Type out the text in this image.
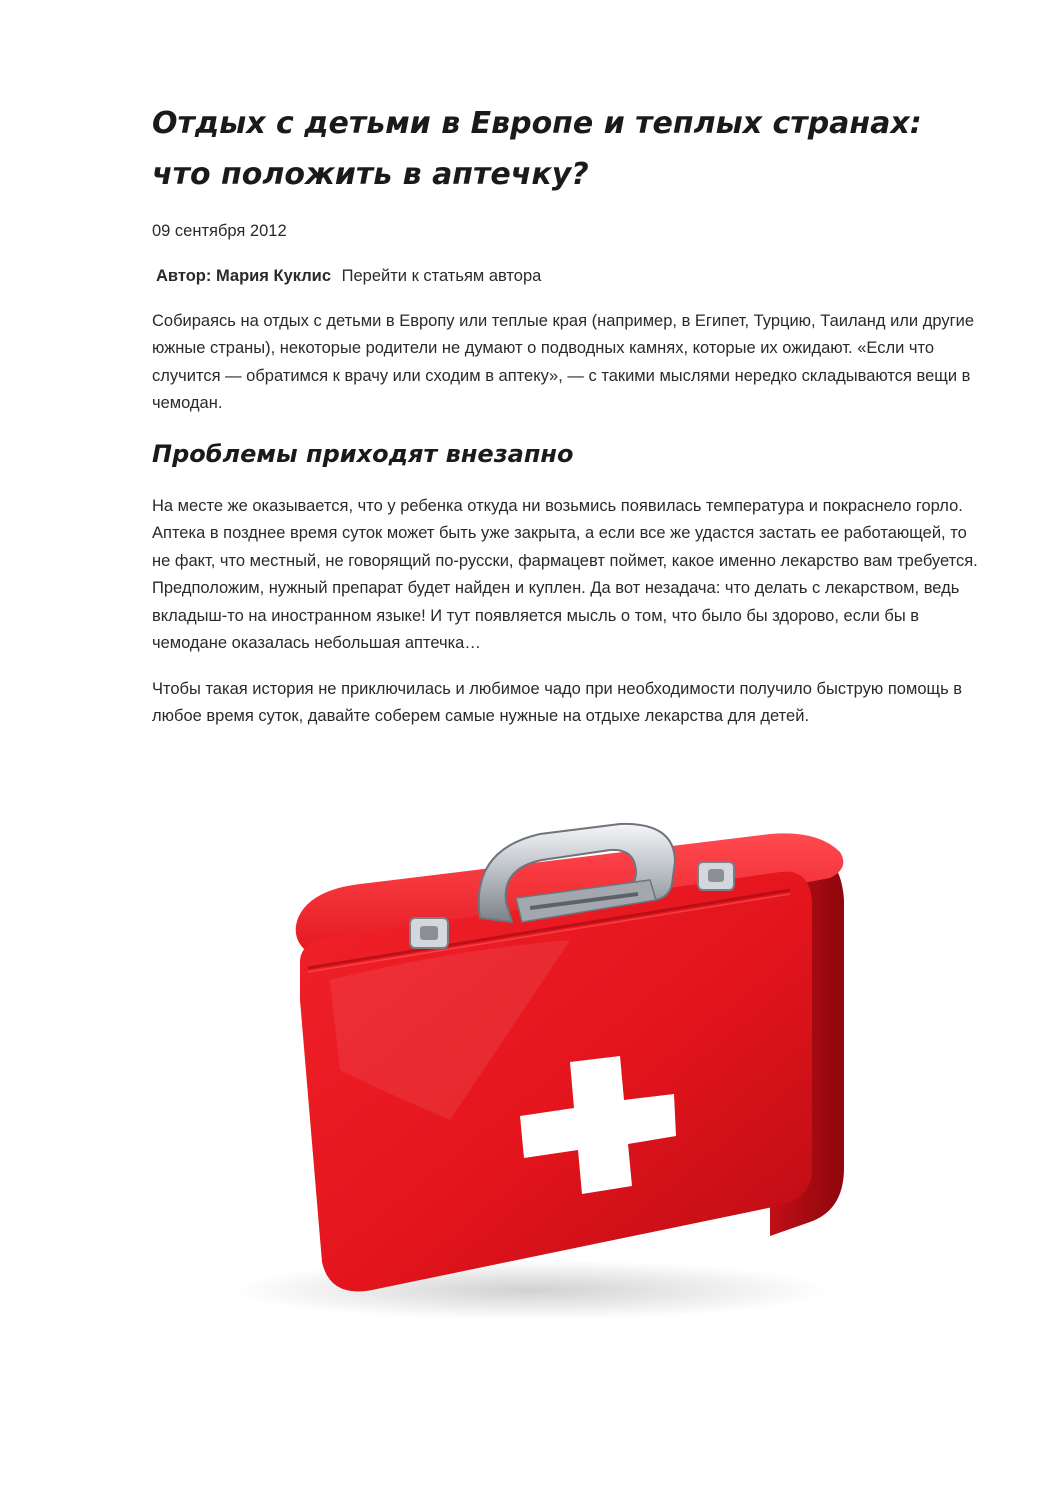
Отдых с детьми в Европе и теплых странах: что положить в аптечку?
09 сентября 2012
Автор: Мария Куклис Перейти к статьям автора

Собираясь на отдых с детьми в Европу или теплые края (например, в Египет, Турцию, Таиланд или другие южные страны), некоторые родители не думают о подводных камнях, которые их ожидают. «Если что случится — обратимся к врачу или сходим в аптеку», — с такими мыслями нередко складываются вещи в чемодан.

Проблемы приходят внезапно

На месте же оказывается, что у ребенка откуда ни возьмись появилась температура и покраснело горло. Аптека в позднее время суток может быть уже закрыта, а если все же удастся застать ее работающей, то не факт, что местный, не говорящий по-русски, фармацевт поймет, какое именно лекарство вам требуется. Предположим, нужный препарат будет найден и куплен. Да вот незадача: что делать с лекарством, ведь вкладыш-то на иностранном языке! И тут появляется мысль о том, что было бы здорово, если бы в чемодане оказалась небольшая аптечка…

Чтобы такая история не приключилась и любимое чадо при необходимости получило быструю помощь в любое время суток, давайте соберем самые нужные на отдыхе лекарства для детей.
